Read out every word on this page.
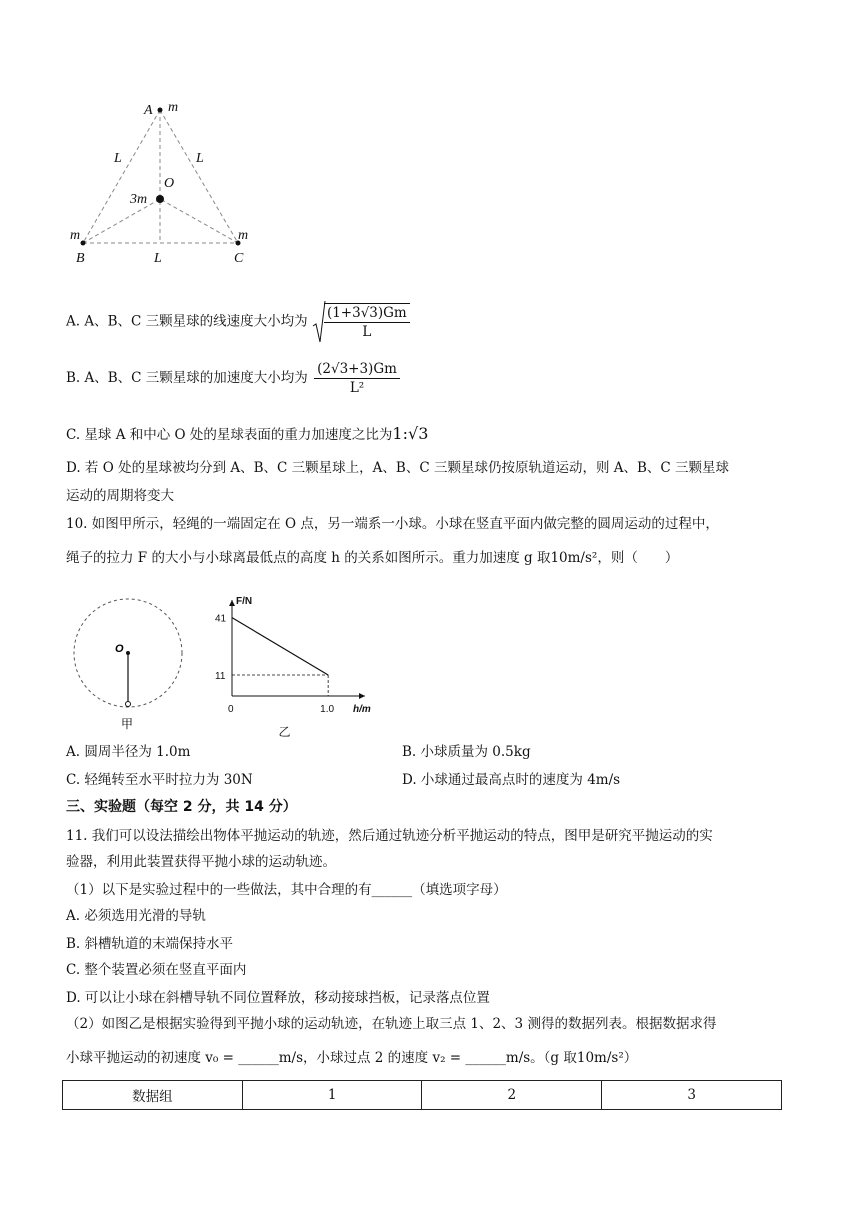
A m
L	L
O
3m
m	m
B	L	C
A. A、B、C 三颗星球的线速度大小均为 $\frac{(1+3√3)Gm}{L}$
B. A、B、C 三颗星球的加速度大小均为 $\frac{(2√3+3)Gm}{\text{L²}}$
C. 星球 A 和中心 O 处的星球表面的重力加速度之比为1:√3
D. 若 O 处的星球被均分到 A、B、C 三颗星球上，A、B、C 三颗星球仍按原轨道运动，则 A、B、C 三颗星球
运动的周期将变大
10. 如图甲所示，轻绳的一端固定在 O 点，另一端系一小球。小球在竖直平面内做完整的圆周运动的过程中，
绳子的拉力 F 的大小与小球离最低点的高度 h 的关系如图所示。重力加速度 g 取10m/s²，则（　　）
O
甲
F/N
h/m
41
11
0	1.0
乙
A. 圆周半径为 1.0m	B. 小球质量为 0.5kg
C. 轻绳转至水平时拉力为 30N	D. 小球通过最高点时的速度为 4m/s
三、实验题（每空 2 分，共 14 分）
11. 我们可以设法描绘出物体平抛运动的轨迹，然后通过轨迹分析平抛运动的特点，图甲是研究平抛运动的实
验器，利用此装置获得平抛小球的运动轨迹。
（1）以下是实验过程中的一些做法，其中合理的有______（填选项字母）
A. 必须选用光滑的导轨
B. 斜槽轨道的末端保持水平
C. 整个装置必须在竖直平面内
D. 可以让小球在斜槽导轨不同位置释放，移动接球挡板，记录落点位置
（2）如图乙是根据实验得到平抛小球的运动轨迹，在轨迹上取三点 1、2、3 测得的数据列表。根据数据求得
小球平抛运动的初速度 v₀ = ______m/s，小球过点 2 的速度 v₂ = ______m/s。（g 取10m/s²）
数据组	1	2	3
